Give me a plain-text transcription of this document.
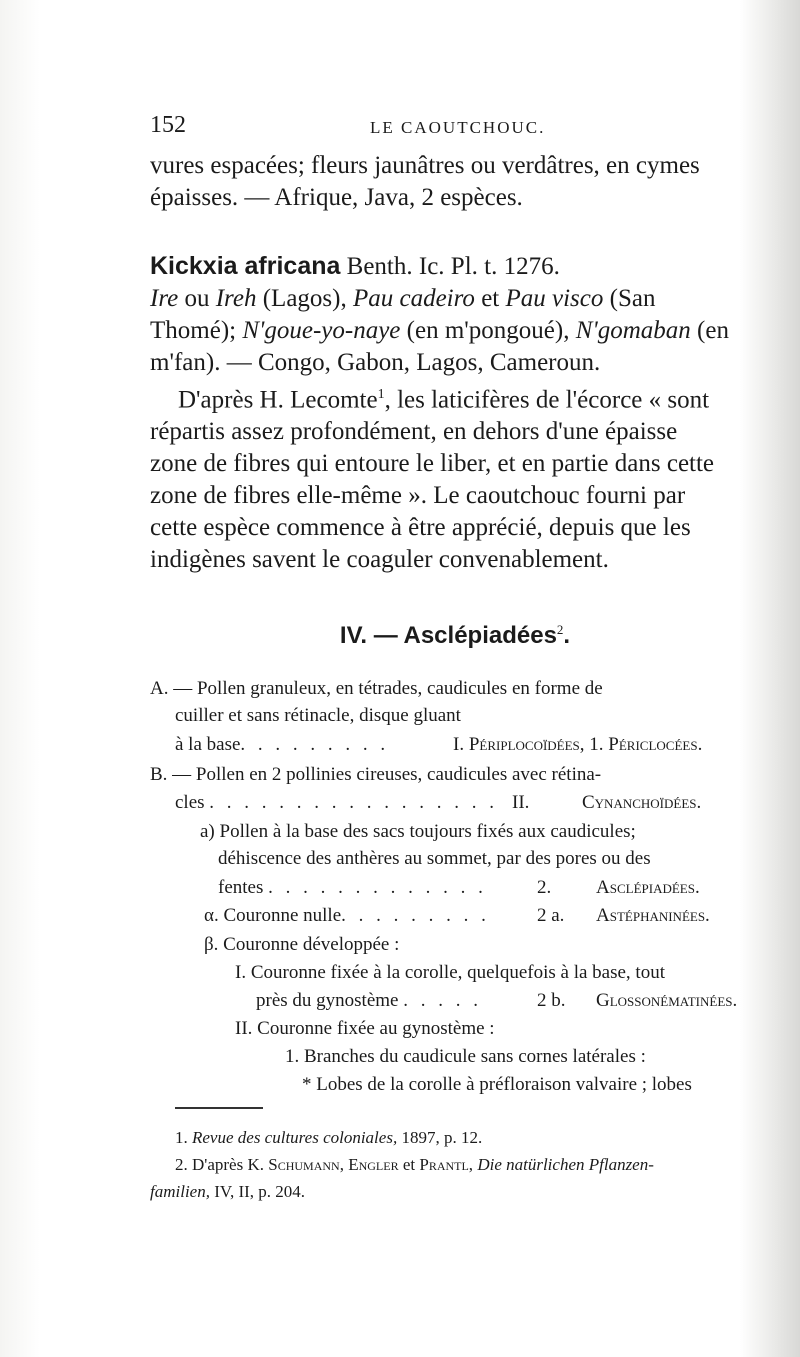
152	LE CAOUTCHOUC.
vures espacées; fleurs jaunâtres ou verdâtres, en cymes
épaisses. — Afrique, Java, 2 espèces.
Kickxia africana Benth. Ic. Pl. t. 1276.
Ire ou Ireh (Lagos), Pau cadeiro et Pau visco (San
Thomé); N'goue-yo-naye (en m'pongoué), N'gomaban (en
m'fan). — Congo, Gabon, Lagos, Cameroun.
D'après H. Lecomte$^1$, les laticifères de l'écorce « sont
répartis assez profondément, en dehors d'une épaisse
zone de fibres qui entoure le liber, et en partie dans cette
zone de fibres elle-même ». Le caoutchouc fourni par
cette espèce commence à être apprécié, depuis que les
indigènes savent le coaguler convenablement.
IV. — Asclépiadées$^2$.
A. — Pollen granuleux, en tétrades, caudicules en forme de
cuiller et sans rétinacle, disque gluant
à la base. . . . . . . . .	I. Périplocoïdées, 1. Périclocées.
B. — Pollen en 2 pollinies cireuses, caudicules avec rétina-
cles . . . . . . . . . . . . . . . . . II.	Cynanchoïdées.
a) Pollen à la base des sacs toujours fixés aux caudicules;
déhiscence des anthères au sommet, par des pores ou des
fentes . . . . . . . . . . . . .	2. Asclépiadées.
α. Couronne nulle. . . . . . . . . 2 a. Astéphaninées.
β. Couronne développée :
I. Couronne fixée à la corolle, quelquefois à la base, tout
près du gynostème . . . . .	2 b. Glossonématinées.
II. Couronne fixée au gynostème :
1. Branches du caudicule sans cornes latérales :
* Lobes de la corolle à préfloraison valvaire ; lobes
1. Revue des cultures coloniales, 1897, p. 12.
2. D'après K. Schumann, Engler et Prantl, Die natürlichen Pflanzen-
familien, IV, II, p. 204.
